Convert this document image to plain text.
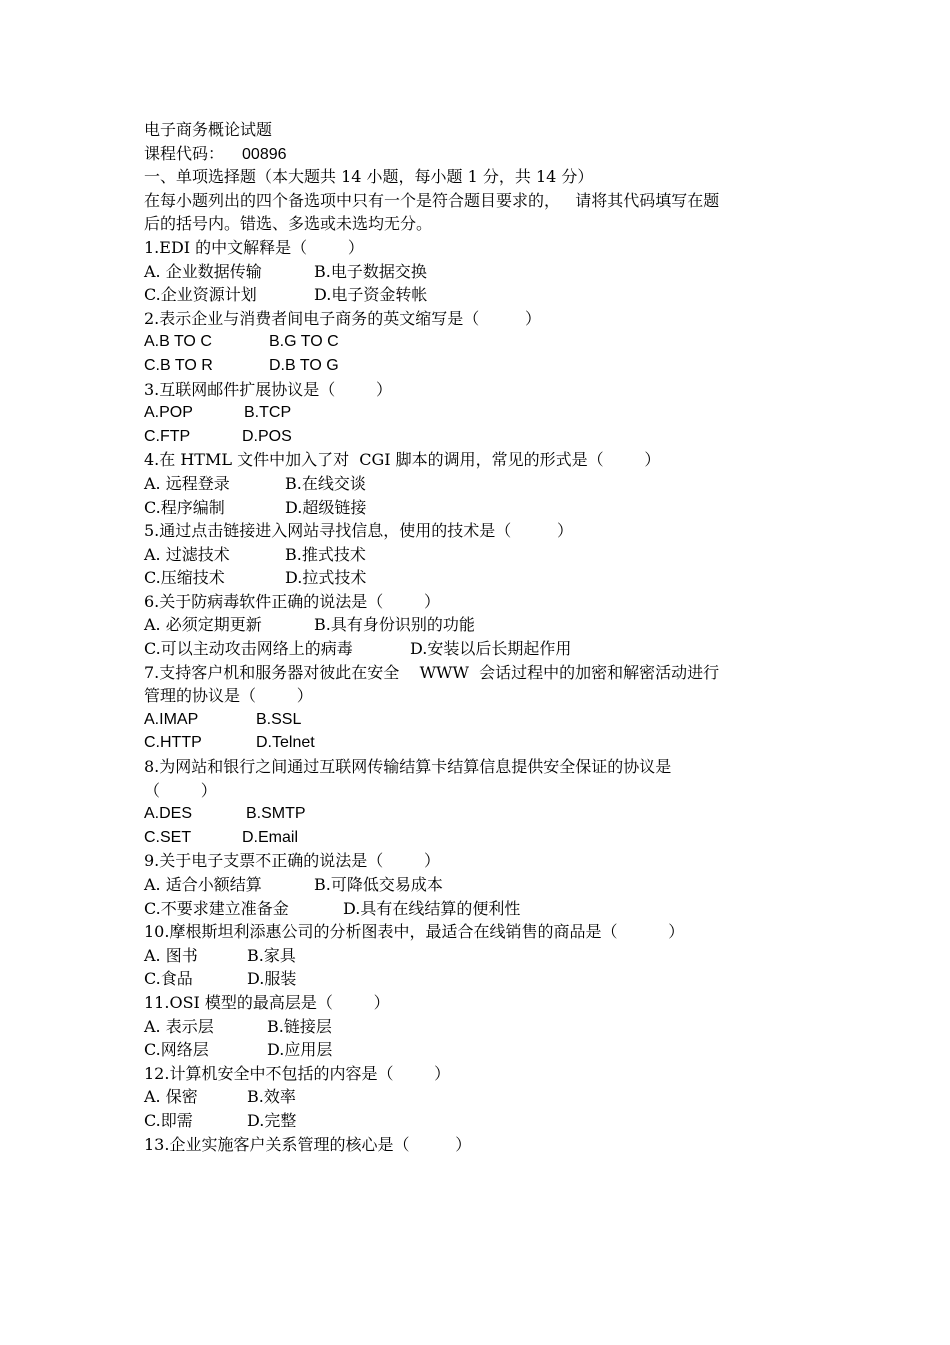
电子商务概论试题
课程代码： 00896
一、单项选择题（本大题共 14 小题，每小题 1 分，共 14 分）
在每小题列出的四个备选项中只有一个是符合题目要求的，   请将其代码填写在题
后的括号内。错选、多选或未选均无分。
1.EDI 的中文解释是（        ）
A. 企业数据传输	B.电子数据交换
C.企业资源计划	D.电子资金转帐
2.表示企业与消费者间电子商务的英文缩写是（         ）
A.B TO C	B.G TO C
C.B TO R	D.B TO G
3.互联网邮件扩展协议是（        ）
A.POP	B.TCP
C.FTP	D.POS
4.在 HTML 文件中加入了对  CGI 脚本的调用，常见的形式是（        ）
A. 远程登录	B.在线交谈
C.程序编制	D.超级链接
5.通过点击链接进入网站寻找信息，使用的技术是（         ）
A. 过滤技术	B.推式技术
C.压缩技术	D.拉式技术
6.关于防病毒软件正确的说法是（        ）
A. 必须定期更新	B.具有身份识别的功能
C.可以主动攻击网络上的病毒	D.安装以后长期起作用
7.支持客户机和服务器对彼此在安全    WWW  会话过程中的加密和解密活动进行
管理的协议是（        ）
A.IMAP	B.SSL
C.HTTP	D.Telnet
8.为网站和银行之间通过互联网传输结算卡结算信息提供安全保证的协议是
（        ）
A.DES	B.SMTP
C.SET	D.Email
9.关于电子支票不正确的说法是（        ）
A. 适合小额结算	B.可降低交易成本
C.不要求建立准备金	D.具有在线结算的便利性
10.摩根斯坦利添惠公司的分析图表中，最适合在线销售的商品是（          ）
A. 图书	B.家具
C.食品	D.服装
11.OSI 模型的最高层是（        ）
A. 表示层	B.链接层
C.网络层	D.应用层
12.计算机安全中不包括的内容是（        ）
A. 保密	B.效率
C.即需	D.完整
13.企业实施客户关系管理的核心是（         ）
